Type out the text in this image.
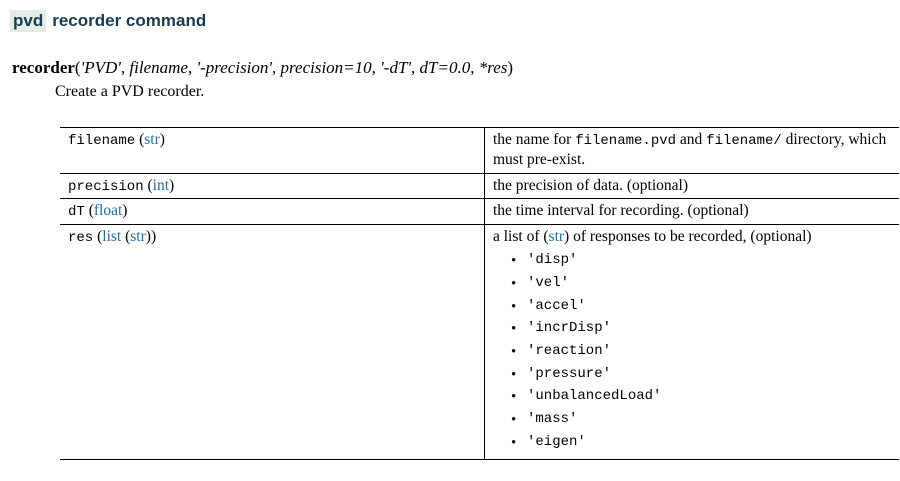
pvd recorder command
recorder('PVD', filename, '-precision', precision=10, '-dT', dT=0.0, *res)
Create a PVD recorder.
filename (str)	the name for filename.pvd and filename/ directory, which must pre-exist.
precision (int)	the precision of data. (optional)
dT (float)	the time interval for recording. (optional)
res (list (str))	a list of (str) of responses to be recorded, (optional)
• 'disp'
• 'vel'
• 'accel'
• 'incrDisp'
• 'reaction'
• 'pressure'
• 'unbalancedLoad'
• 'mass'
• 'eigen'
